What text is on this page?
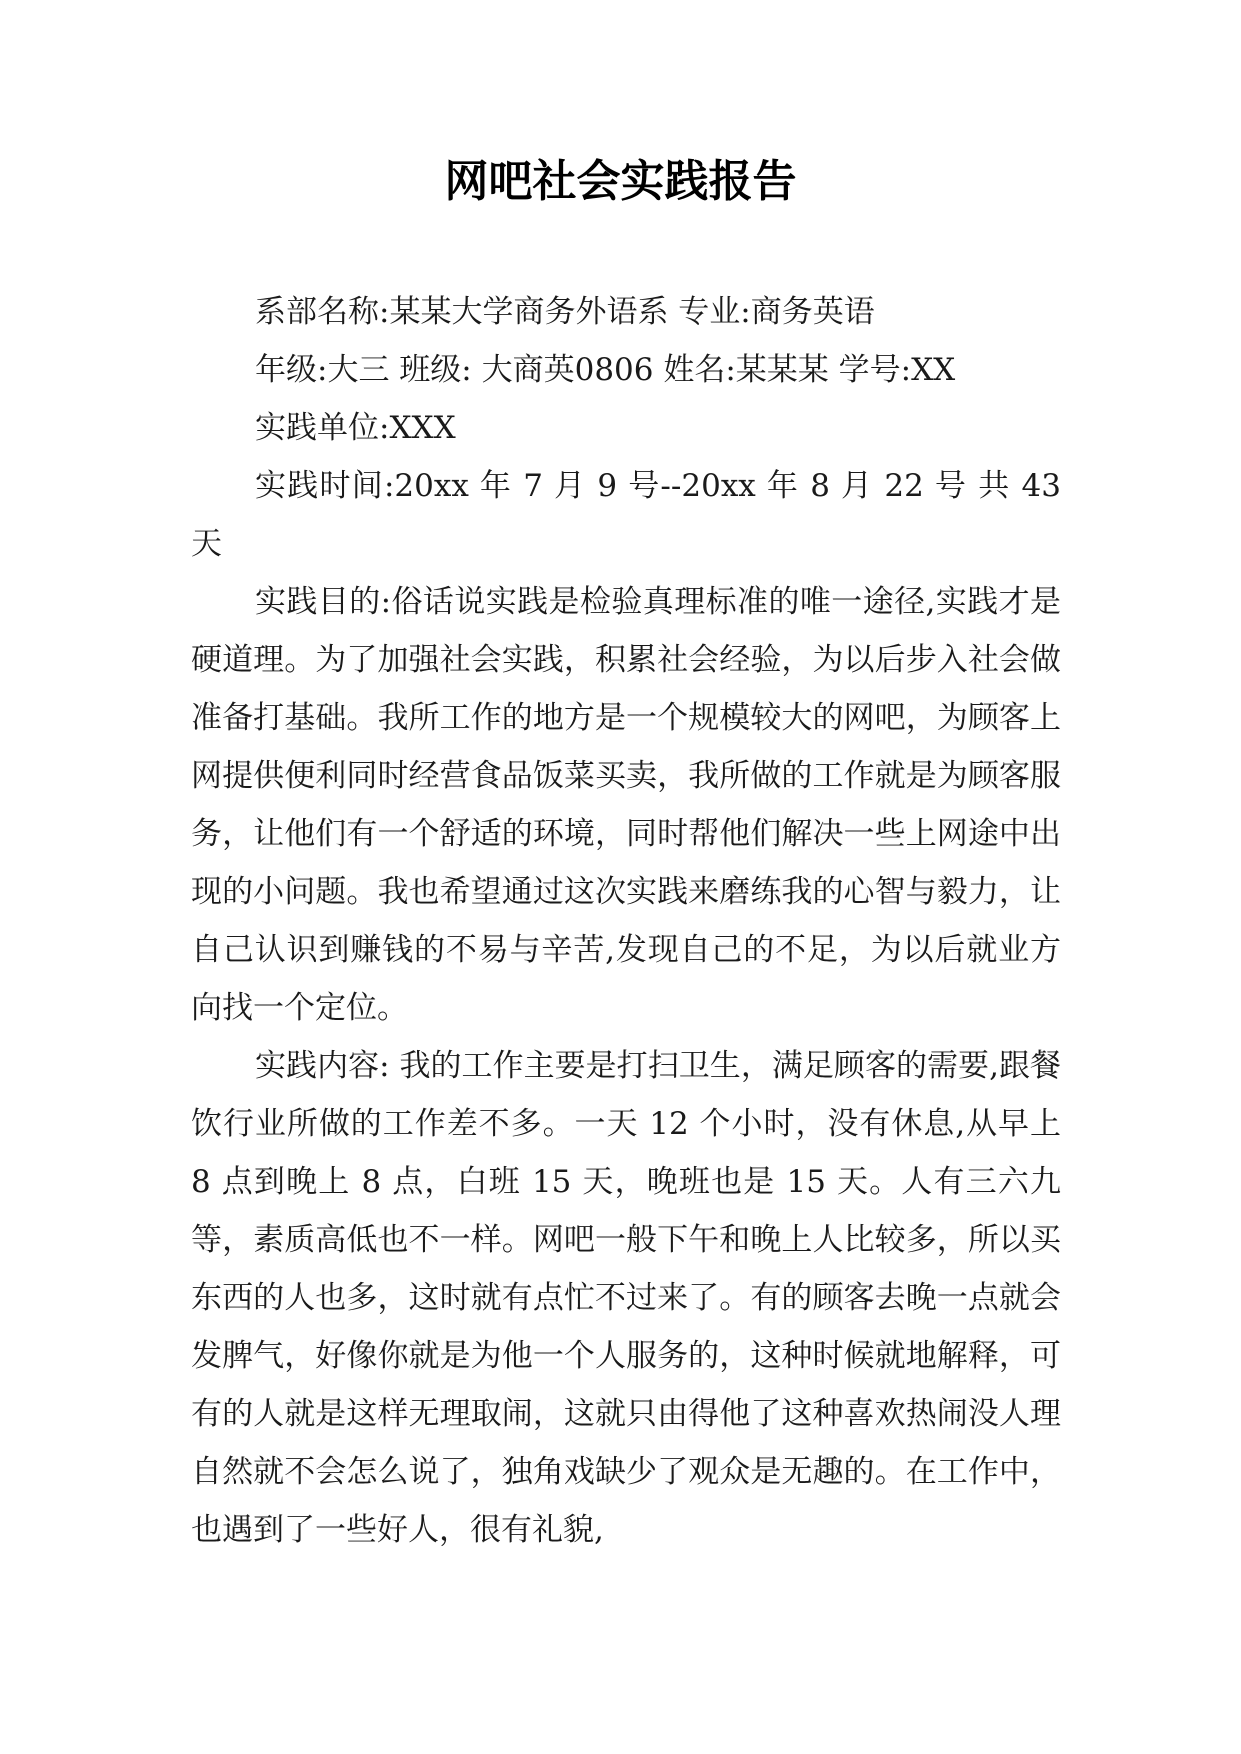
网吧社会实践报告

系部名称:某某大学商务外语系 专业:商务英语

年级:大三 班级: 大商英0806 姓名:某某某 学号:XX

实践单位:XXX

实践时间:20xx 年 7 月 9 号--20xx 年 8 月 22 号 共 43 天

实践目的:俗话说实践是检验真理标准的唯一途径,实践才是硬道理。为了加强社会实践，积累社会经验，为以后步入社会做准备打基础。我所工作的地方是一个规模较大的网吧，为顾客上网提供便利同时经营食品饭菜买卖，我所做的工作就是为顾客服务，让他们有一个舒适的环境，同时帮他们解决一些上网途中出现的小问题。我也希望通过这次实践来磨练我的心智与毅力，让自己认识到赚钱的不易与辛苦,发现自己的不足，为以后就业方向找一个定位。

实践内容: 我的工作主要是打扫卫生，满足顾客的需要,跟餐饮行业所做的工作差不多。一天 12 个小时，没有休息,从早上 8 点到晚上 8 点，白班 15 天，晚班也是 15 天。人有三六九等，素质高低也不一样。网吧一般下午和晚上人比较多，所以买东西的人也多，这时就有点忙不过来了。有的顾客去晚一点就会发脾气，好像你就是为他一个人服务的，这种时候就地解释，可有的人就是这样无理取闹，这就只由得他了这种喜欢热闹没人理自然就不会怎么说了，独角戏缺少了观众是无趣的。在工作中，也遇到了一些好人，很有礼貌,
